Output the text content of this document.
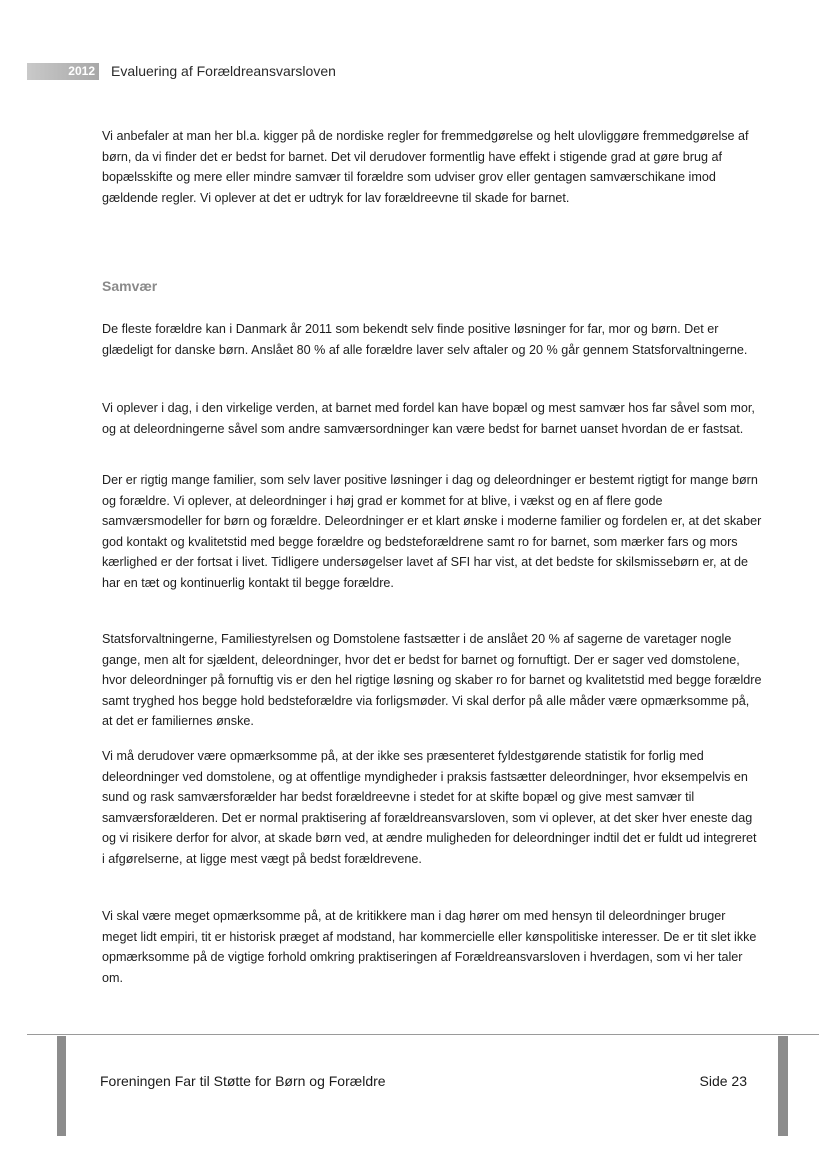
2012 Evaluering af Forældreansvarsloven

Vi anbefaler at man her bl.a. kigger på de nordiske regler for fremmedgørelse og helt ulovliggøre fremmedgørelse af børn, da vi finder det er bedst for barnet. Det vil derudover formentlig have effekt i stigende grad at gøre brug af bopælsskifte og mere eller mindre samvær til forældre som udviser grov eller gentagen samværschikane imod gældende regler. Vi oplever at det er udtryk for lav forældreevne til skade for barnet.

Samvær

De fleste forældre kan i Danmark år 2011 som bekendt selv finde positive løsninger for far, mor og børn. Det er glædeligt for danske børn. Anslået 80 % af alle forældre laver selv aftaler og 20 % går gennem Statsforvaltningerne.

Vi oplever i dag, i den virkelige verden, at barnet med fordel kan have bopæl og mest samvær hos far såvel som mor, og at deleordningerne såvel som andre samværsordninger kan være bedst for barnet uanset hvordan de er fastsat.

Der er rigtig mange familier, som selv laver positive løsninger i dag og deleordninger er bestemt rigtigt for mange børn og forældre. Vi oplever, at deleordninger i høj grad er kommet for at blive, i vækst og en af flere gode samværsmodeller for børn og forældre. Deleordninger er et klart ønske i moderne familier og fordelen er, at det skaber god kontakt og kvalitetstid med begge forældre og bedsteforældrene samt ro for barnet, som mærker fars og mors kærlighed er der fortsat i livet. Tidligere undersøgelser lavet af SFI har vist, at det bedste for skilsmissebørn er, at de har en tæt og kontinuerlig kontakt til begge forældre.

Statsforvaltningerne, Familiestyrelsen og Domstolene fastsætter i de anslået 20 % af sagerne de varetager nogle gange, men alt for sjældent, deleordninger, hvor det er bedst for barnet og fornuftigt. Der er sager ved domstolene, hvor deleordninger på fornuftig vis er den hel rigtige løsning og skaber ro for barnet og kvalitetstid med begge forældre samt tryghed hos begge hold bedsteforældre via forligsmøder. Vi skal derfor på alle måder være opmærksomme på, at det er familiernes ønske.

Vi må derudover være opmærksomme på, at der ikke ses præsenteret fyldestgørende statistik for forlig med deleordninger ved domstolene, og at offentlige myndigheder i praksis fastsætter deleordninger, hvor eksempelvis en sund og rask samværsforælder har bedst forældreevne i stedet for at skifte bopæl og give mest samvær til samværsforælderen. Det er normal praktisering af forældreansvarsloven, som vi oplever, at det sker hver eneste dag og vi risikere derfor for alvor, at skade børn ved, at ændre muligheden for deleordninger indtil det er fuldt ud integreret i afgørelserne, at ligge mest vægt på bedst forældrevene.

Vi skal være meget opmærksomme på, at de kritikkere man i dag hører om med hensyn til deleordninger bruger meget lidt empiri, tit er historisk præget af modstand, har kommercielle eller kønspolitiske interesser. De er tit slet ikke opmærksomme på de vigtige forhold omkring praktiseringen af Forældreansvarsloven i hverdagen, som vi her taler om.

Foreningen Far til Støtte for Børn og Forældre	Side 23
